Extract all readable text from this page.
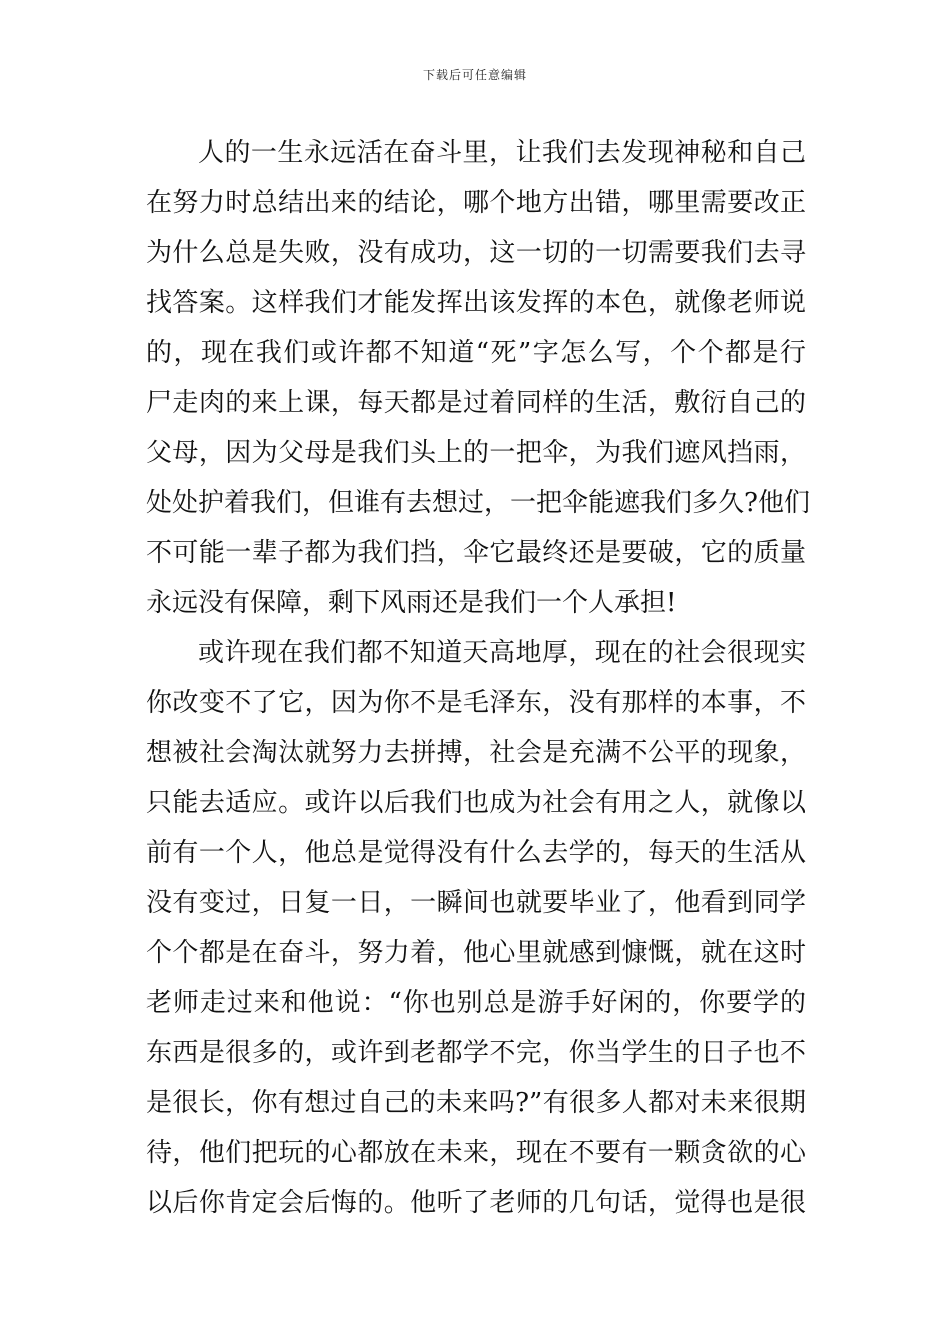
下载后可任意编辑
人的一生永远活在奋斗里，让我们去发现神秘和自己
在努力时总结出来的结论，哪个地方出错，哪里需要改正
为什么总是失败，没有成功，这一切的一切需要我们去寻
找答案。这样我们才能发挥出该发挥的本色，就像老师说
的，现在我们或许都不知道“死”字怎么写，个个都是行
尸走肉的来上课，每天都是过着同样的生活，敷衍自己的
父母，因为父母是我们头上的一把伞，为我们遮风挡雨，
处处护着我们，但谁有去想过，一把伞能遮我们多久?他们
不可能一辈子都为我们挡，伞它最终还是要破，它的质量
永远没有保障，剩下风雨还是我们一个人承担!
或许现在我们都不知道天高地厚，现在的社会很现实
你改变不了它，因为你不是毛泽东，没有那样的本事，不
想被社会淘汰就努力去拼搏，社会是充满不公平的现象，
只能去适应。或许以后我们也成为社会有用之人，就像以
前有一个人，他总是觉得没有什么去学的，每天的生活从
没有变过，日复一日，一瞬间也就要毕业了，他看到同学
个个都是在奋斗，努力着，他心里就感到慷慨，就在这时
老师走过来和他说：“你也别总是游手好闲的，你要学的
东西是很多的，或许到老都学不完，你当学生的日子也不
是很长，你有想过自己的未来吗?”有很多人都对未来很期
待，他们把玩的心都放在未来，现在不要有一颗贪欲的心
以后你肯定会后悔的。他听了老师的几句话，觉得也是很
